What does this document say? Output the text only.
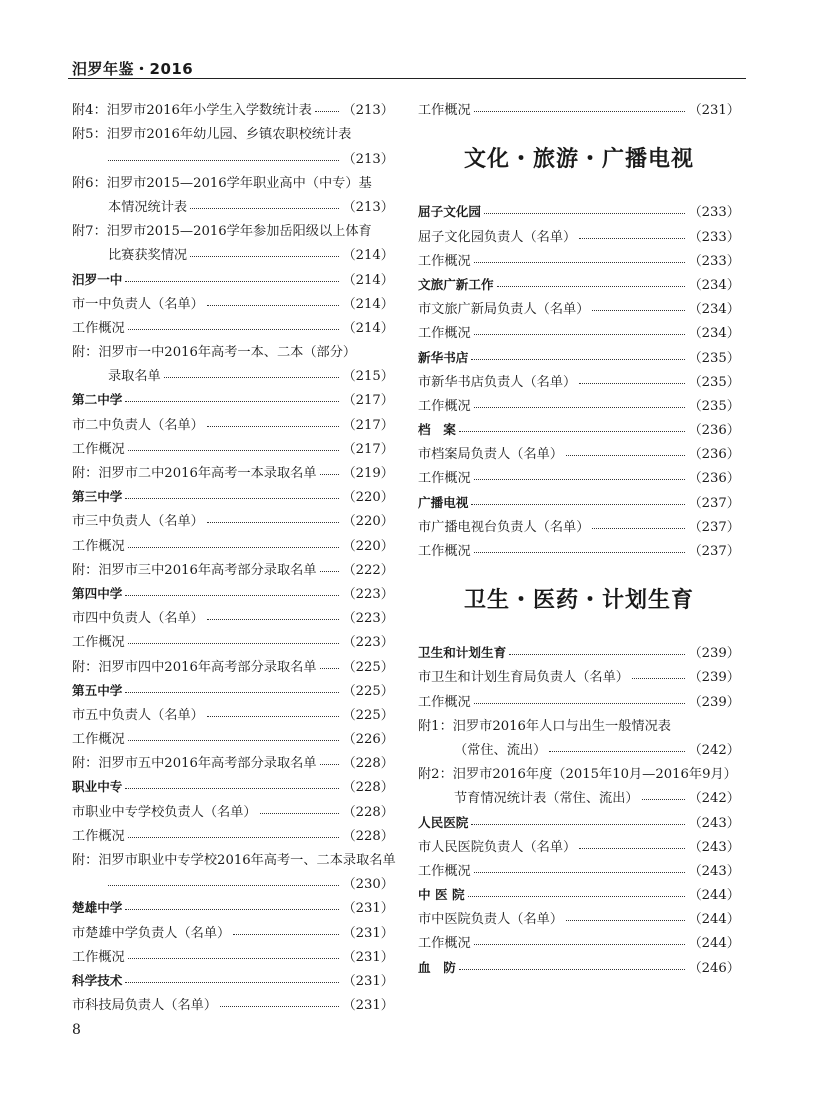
汨罗年鉴・2016
附4：汨罗市2016年小学生入学数统计表 （213）
附5：汨罗市2016年幼儿园、乡镇农职校统计表
（213）
附6：汨罗市2015—2016学年职业高中（中专）基
本情况统计表	（213）
附7：汨罗市2015—2016学年参加岳阳级以上体育
比赛获奖情况	（214）
汨罗一中	（214）
市一中负责人（名单）	（214）
工作概况	（214）
附：汨罗市一中2016年高考一本、二本（部分）
录取名单	（215）
第二中学	（217）
市二中负责人（名单）	（217）
工作概况	（217）
附：汨罗市二中2016年高考一本录取名单 （219）
第三中学	（220）
市三中负责人（名单）	（220）
工作概况	（220）
附：汨罗市三中2016年高考部分录取名单 （222）
第四中学	（223）
市四中负责人（名单）	（223）
工作概况	（223）
附：汨罗市四中2016年高考部分录取名单 （225）
第五中学	（225）
市五中负责人（名单）	（225）
工作概况	（226）
附：汨罗市五中2016年高考部分录取名单 （228）
职业中专	（228）
市职业中专学校负责人（名单）	（228）
工作概况	（228）
附：汨罗市职业中专学校2016年高考一、二本录取名单
（230）
楚雄中学	（231）
市楚雄中学负责人（名单）	（231）
工作概况	（231）
科学技术	（231）
市科技局负责人（名单）	（231）
工作概况	（231）
文化・旅游・广播电视
屈子文化园	（233）
屈子文化园负责人（名单）	（233）
工作概况	（233）
文旅广新工作	（234）
市文旅广新局负责人（名单）	（234）
工作概况	（234）
新华书店	（235）
市新华书店负责人（名单）	（235）
工作概况	（235）
档　案	（236）
市档案局负责人（名单）	（236）
工作概况	（236）
广播电视	（237）
市广播电视台负责人（名单）	（237）
工作概况	（237）
卫生・医药・计划生育
卫生和计划生育	（239）
市卫生和计划生育局负责人（名单）	（239）
工作概况	（239）
附1：汨罗市2016年人口与出生一般情况表
（常住、流出）	（242）
附2：汨罗市2016年度（2015年10月—2016年9月）
节育情况统计表（常住、流出）	（242）
人民医院	（243）
市人民医院负责人（名单）	（243）
工作概况	（243）
中 医 院	（244）
市中医院负责人（名单）	（244）
工作概况	（244）
血　防	（246）
8
